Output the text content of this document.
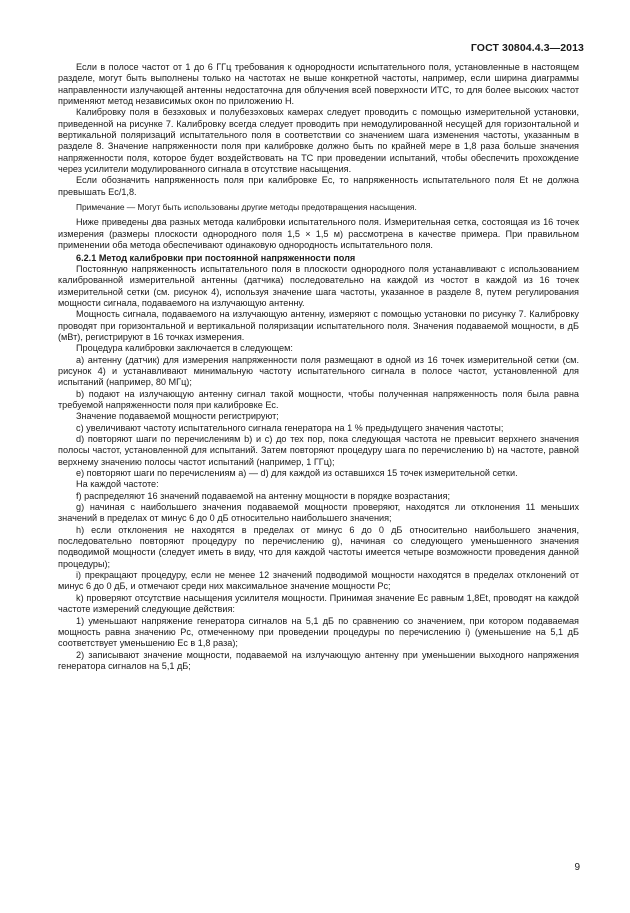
ГОСТ 30804.4.3—2013

Если в полосе частот от 1 до 6 ГГц требования к однородности испытательного поля, установленные в настоящем разделе, могут быть выполнены только на частотах не выше конкретной частоты, например, если ширина диаграммы направленности излучающей антенны недостаточна для облучения всей поверхности ИТС, то для более высоких частот применяют метод независимых окон по приложению Н.

Калибровку поля в безэховых и полубезэховых камерах следует проводить с помощью измерительной установки, приведенной на рисунке 7. Калибровку всегда следует проводить при немодулированной несущей для горизонтальной и вертикальной поляризаций испытательного поля в соответствии со значением шага изменения частоты, указанным в разделе 8. Значение напряженности поля при калибровке должно быть по крайней мере в 1,8 раза больше значения напряженности поля, которое будет воздействовать на ТС при проведении испытаний, чтобы обеспечить прохождение через усилители модулированного сигнала в отсутствие насыщения.

Если обозначить напряженность поля при калибровке Eс, то напряженность испытательного поля Et не должна превышать Eс/1,8.

Примечание — Могут быть использованы другие методы предотвращения насыщения.

Ниже приведены два разных метода калибровки испытательного поля. Измерительная сетка, состоящая из 16 точек измерения (размеры плоскости однородного поля 1,5 × 1,5 м) рассмотрена в качестве примера. При правильном применении оба метода обеспечивают одинаковую однородность испытательного поля.

6.2.1 Метод калибровки при постоянной напряженности поля

Постоянную напряженность испытательного поля в плоскости однородного поля устанавливают с использованием калиброванной измерительной антенны (датчика) последовательно на каждой из чостот в каждой из 16 точек измерительной сетки (см. рисунок 4), используя значение шага частоты, указанное в разделе 8, путем регулирования мощности сигнала, подаваемого на излучающую антенну.

Мощность сигнала, подаваемого на излучающую антенну, измеряют с помощью установки по рисунку 7. Калибровку проводят при горизонтальной и вертикальной поляризации испытательного поля. Значения подаваемой мощности, в дБ (мВт), регистрируют в 16 точках измерения.

Процедура калибровки заключается в следующем:

a) антенну (датчик) для измерения напряженности поля размещают в одной из 16 точек измерительной сетки (см. рисунок 4) и устанавливают минимальную частоту испытательного сигнала в полосе частот, установленной для испытаний (например, 80 МГц);

b) подают на излучающую антенну сигнал такой мощности, чтобы полученная напряженность поля была равна требуемой напряженности поля при калибровке Eс.

Значение подаваемой мощности регистрируют;

c) увеличивают частоту испытательного сигнала генератора на 1 % предыдущего значения частоты;

d) повторяют шаги по перечислениям b) и c) до тех пор, пока следующая частота не превысит верхнего значения полосы частот, установленной для испытаний. Затем повторяют процедуру шага по перечислению b) на частоте, равной верхнему значению полосы частот испытаний (например, 1 ГГц);

e) повторяют шаги по перечислениям a) — d) для каждой из оставшихся 15 точек измерительной сетки.

На каждой частоте:

f) распределяют 16 значений подаваемой на антенну мощности в порядке возрастания;

g) начиная с наибольшего значения подаваемой мощности проверяют, находятся ли отклонения 11 меньших значений в пределах от минус 6 до 0 дБ относительно наибольшего значения;

h) если отклонения не находятся в пределах от минус 6 до 0 дБ относительно наибольшего значения, последовательно повторяют процедуру по перечислению g), начиная со следующего уменьшенного значения подводимой мощности (следует иметь в виду, что для каждой частоты имеется четыре возможности проведения данной процедуры);

i) прекращают процедуру, если не менее 12 значений подводимой мощности находятся в пределах отклонений от минус 6 до 0 дБ, и отмечают среди них максимальное значение мощности Pс;

k) проверяют отсутствие насыщения усилителя мощности. Принимая значение Eс равным 1,8Et, проводят на каждой частоте измерений следующие действия:

1) уменьшают напряжение генератора сигналов на 5,1 дБ по сравнению со значением, при котором подаваемая мощность равна значению Pс, отмеченному при проведении процедуры по перечислению i) (уменьшение на 5,1 дБ соответствует уменьшению Eс в 1,8 раза);

2) записывают значение мощности, подаваемой на излучающую антенну при уменьшении выходного напряжения генератора сигналов на 5,1 дБ;

9
